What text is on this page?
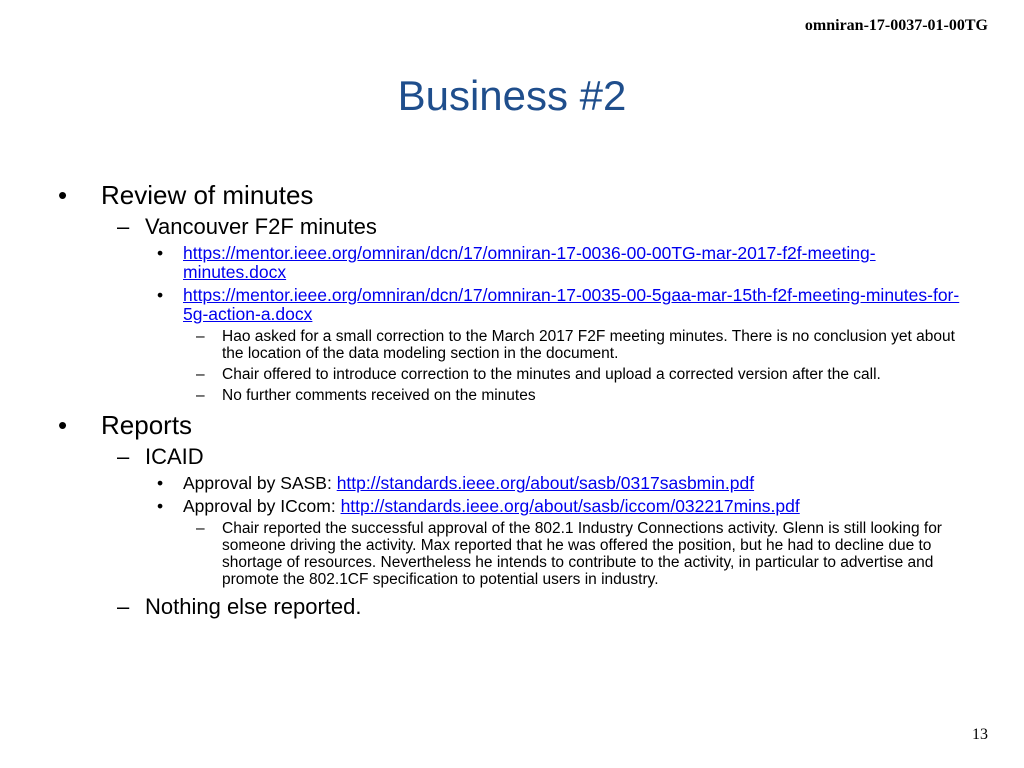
omniran-17-0037-01-00TG
Business #2
• Review of minutes
– Vancouver F2F minutes
• https://mentor.ieee.org/omniran/dcn/17/omniran-17-0036-00-00TG-mar-2017-f2f-meeting-minutes.docx
• https://mentor.ieee.org/omniran/dcn/17/omniran-17-0035-00-5gaa-mar-15th-f2f-meeting-minutes-for-5g-action-a.docx
– Hao asked for a small correction to the March 2017 F2F meeting minutes. There is no conclusion yet about the location of the data modeling section in the document.
– Chair offered to introduce correction to the minutes and upload a corrected version after the call.
– No further comments received on the minutes
• Reports
– ICAID
• Approval by SASB: http://standards.ieee.org/about/sasb/0317sasbmin.pdf
• Approval by ICcom: http://standards.ieee.org/about/sasb/iccom/032217mins.pdf
– Chair reported the successful approval of the 802.1 Industry Connections activity. Glenn is still looking for someone driving the activity. Max reported that he was offered the position, but he had to decline due to shortage of resources. Nevertheless he intends to contribute to the activity, in particular to advertise and promote the 802.1CF specification to potential users in industry.
– Nothing else reported.
13
